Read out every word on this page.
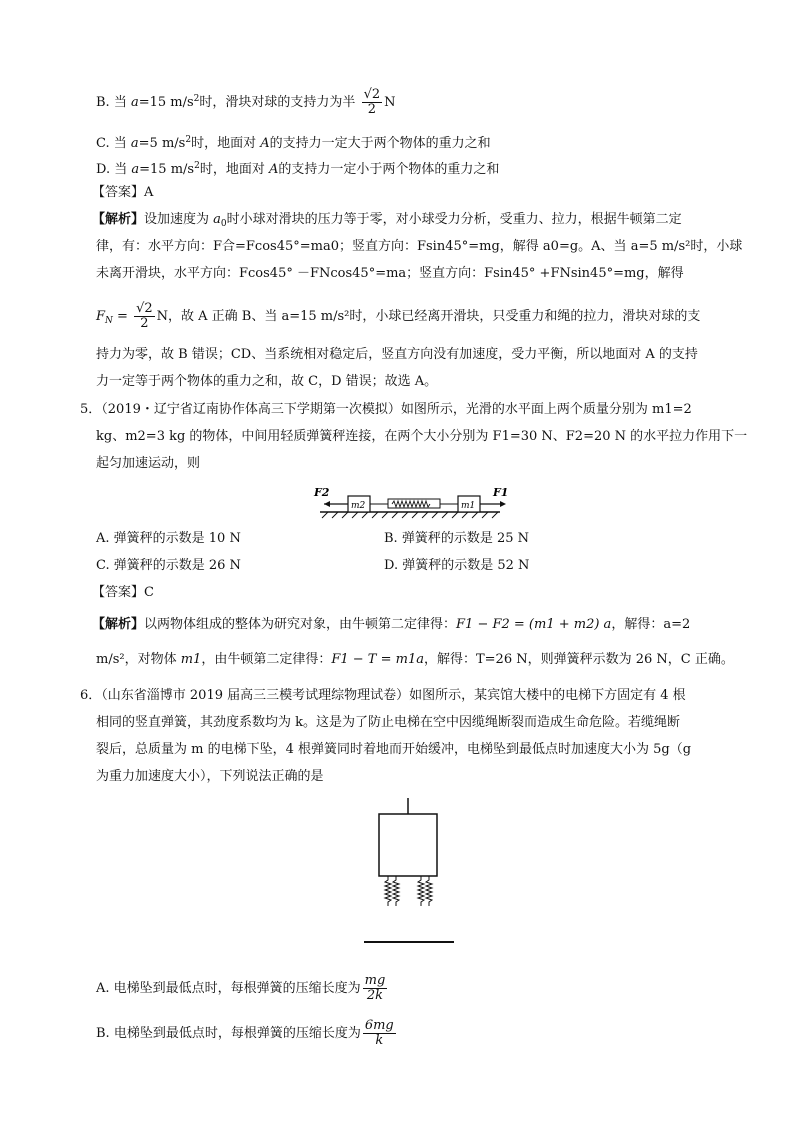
B. 当 a=15 $m/s^2$时，滑块对球的支持力为半 $\frac{√2}{2}$ N
C. 当 a=5 $m/s^2$时，地面对 A的支持力一定大于两个物体的重力之和
D. 当 a=15 $m/s^2$时，地面对 A的支持力一定小于两个物体的重力之和
【答案】A
【解析】设加速度为 $a_0$时小球对滑块的压力等于零，对小球受力分析，受重力、拉力，根据牛顿第二定
律，有：水平方向：F合=Fcos45°=ma0；竖直方向：Fsin45°=mg，解得 a0=g。A、当 a=5 m/s²时，小球
未离开滑块，水平方向：Fcos45° －FNcos45°=ma；竖直方向：Fsin45° +FNsin45°=mg，解得
$F_N = \frac{√2}{2}$ N，故 A 正确 B、当 a=15 m/s²时，小球已经离开滑块，只受重力和绳的拉力，滑块对球的支
持力为零，故 B 错误；CD、当系统相对稳定后，竖直方向没有加速度，受力平衡，所以地面对 A 的支持
力一定等于两个物体的重力之和，故 C，D 错误；故选 A。
5．（2019・辽宁省辽南协作体高三下学期第一次模拟）如图所示，光滑的水平面上两个质量分别为 m1=2
kg、m2=3 kg 的物体，中间用轻质弹簧秤连接，在两个大小分别为 F1=30 N、F2=20 N 的水平拉力作用下一
起匀加速运动，则
m2	m1
F2	F1
A. 弹簧秤的示数是 10 N	B. 弹簧秤的示数是 25 N
C. 弹簧秤的示数是 26 N	D. 弹簧秤的示数是 52 N
【答案】C
【解析】以两物体组成的整体为研究对象，由牛顿第二定律得：F1 − F2 = (m1 + m2) a，解得：a=2
m/s²，对物体 m1，由牛顿第二定律得：F1 − T = m1a，解得：T=26 N，则弹簧秤示数为 26 N，C 正确。
6．（山东省淄博市 2019 届高三三模考试理综物理试卷）如图所示，某宾馆大楼中的电梯下方固定有 4 根
相同的竖直弹簧，其劲度系数均为 k。这是为了防止电梯在空中因缆绳断裂而造成生命危险。若缆绳断
裂后，总质量为 m 的电梯下坠，4 根弹簧同时着地而开始缓冲，电梯坠到最低点时加速度大小为 5g（g
为重力加速度大小），下列说法正确的是
A. 电梯坠到最低点时，每根弹簧的压缩长度为 $\frac{mg}{2k}$
B. 电梯坠到最低点时，每根弹簧的压缩长度为 $\frac{6mg}{k}$
